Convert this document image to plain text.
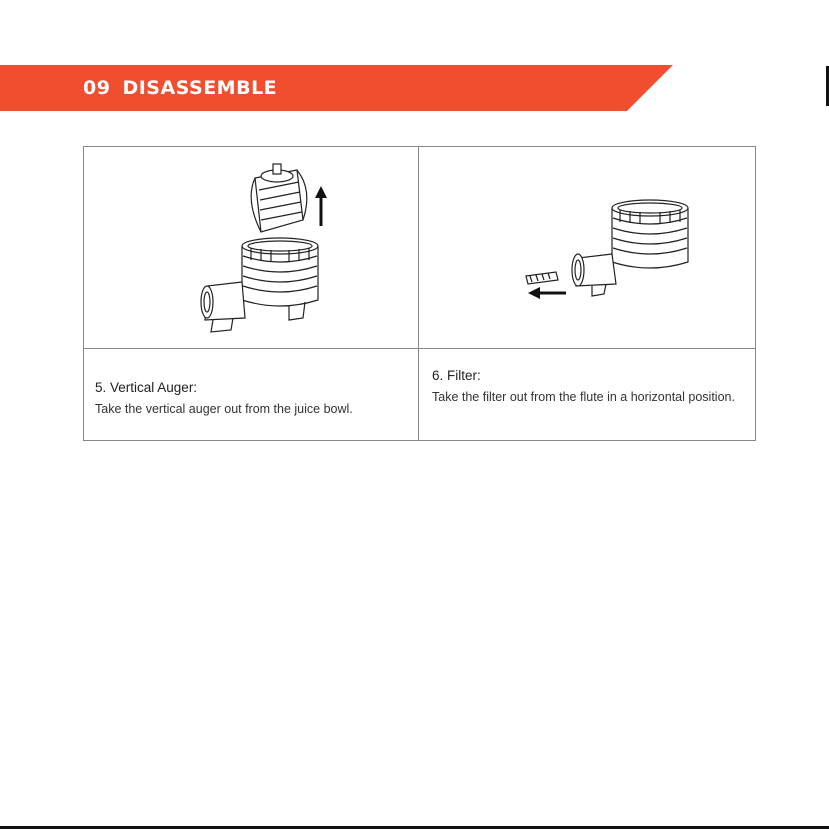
09 DISASSEMBLE

5. Vertical Auger:

Take the vertical auger out from the juice bowl.

6. Filter:

Take the filter out from the flute in a horizontal position.
